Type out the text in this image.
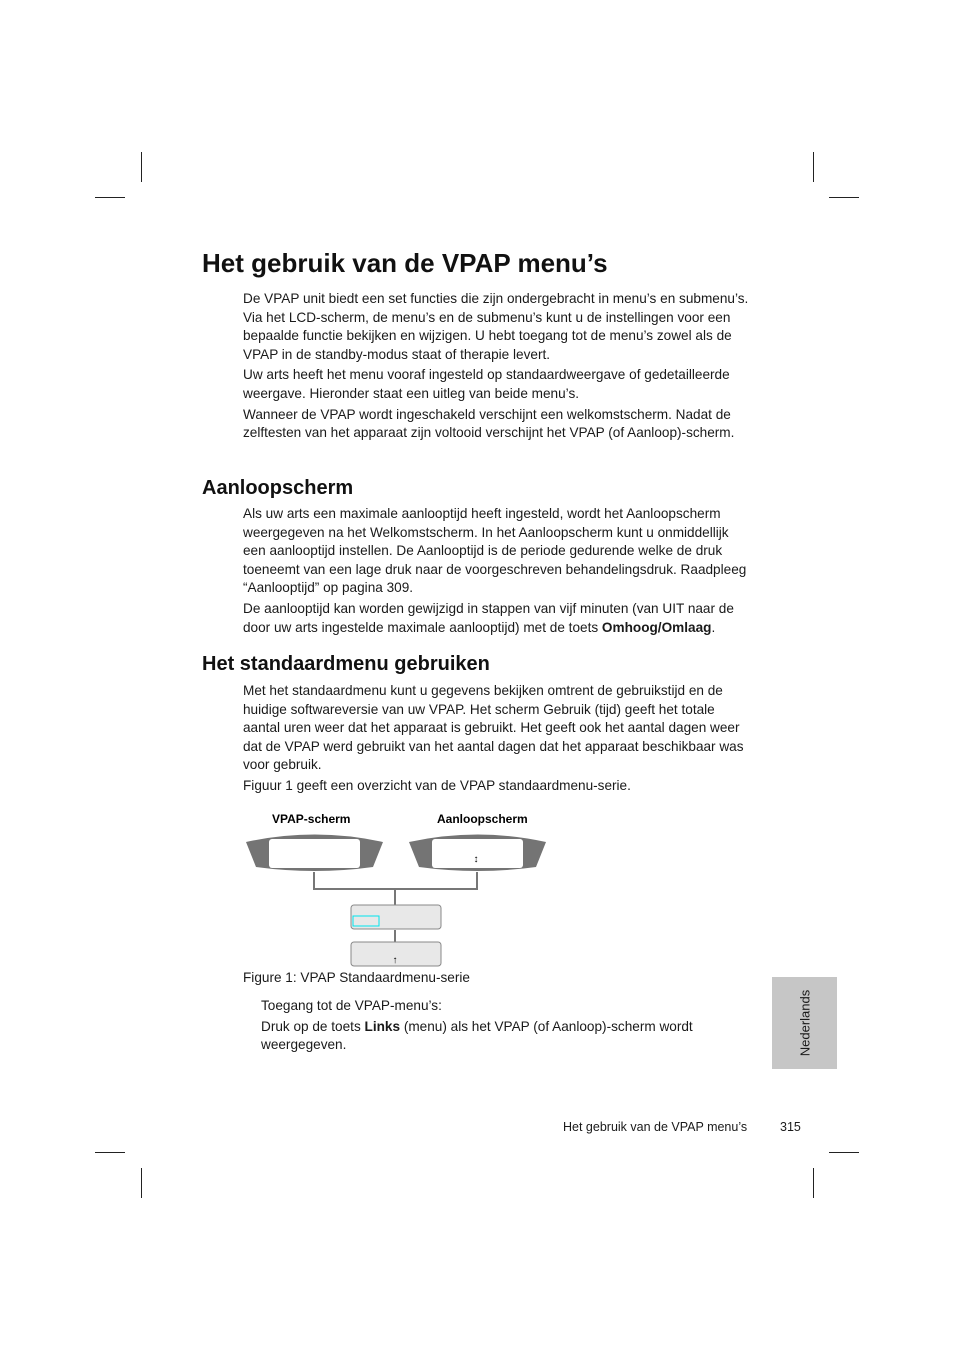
Het gebruik van de VPAP menu’s

De VPAP unit biedt een set functies die zijn ondergebracht in menu’s en submenu’s. Via het LCD-scherm, de menu’s en de submenu’s kunt u de instellingen voor een bepaalde functie bekijken en wijzigen. U hebt toegang tot de menu’s zowel als de VPAP in de standby-modus staat of therapie levert.

Uw arts heeft het menu vooraf ingesteld op standaardweergave of gedetailleerde weergave. Hieronder staat een uitleg van beide menu’s.

Wanneer de VPAP wordt ingeschakeld verschijnt een welkomstscherm. Nadat de zelftesten van het apparaat zijn voltooid verschijnt het VPAP (of Aanloop)-scherm.

Aanloopscherm

Als uw arts een maximale aanlooptijd heeft ingesteld, wordt het Aanloopscherm weergegeven na het Welkomstscherm. In het Aanloopscherm kunt u onmiddellijk een aanlooptijd instellen. De Aanlooptijd is de periode gedurende welke de druk toeneemt van een lage druk naar de voorgeschreven behandelingsdruk. Raadpleeg “Aanlooptijd” op pagina 309.

De aanlooptijd kan worden gewijzigd in stappen van vijf minuten (van UIT naar de door uw arts ingestelde maximale aanlooptijd) met de toets Omhoog/Omlaag.

Het standaardmenu gebruiken

Met het standaardmenu kunt u gegevens bekijken omtrent de gebruikstijd en de huidige softwareversie van uw VPAP. Het scherm Gebruik (tijd) geeft het totale aantal uren weer dat het apparaat is gebruikt. Het geeft ook het aantal dagen weer dat de VPAP werd gebruikt van het aantal dagen dat het apparaat beschikbaar was voor gebruik.

Figuur 1 geeft een overzicht van de VPAP standaardmenu-serie.

VPAP-scherm	Aanloopscherm
↕
↑
Figure 1: VPAP Standaardmenu-serie

Toegang tot de VPAP-menu’s:

Druk op de toets Links (menu) als het VPAP (of Aanloop)-scherm wordt weergegeven.	Nederlands
Het gebruik van de VPAP menu’s	315
